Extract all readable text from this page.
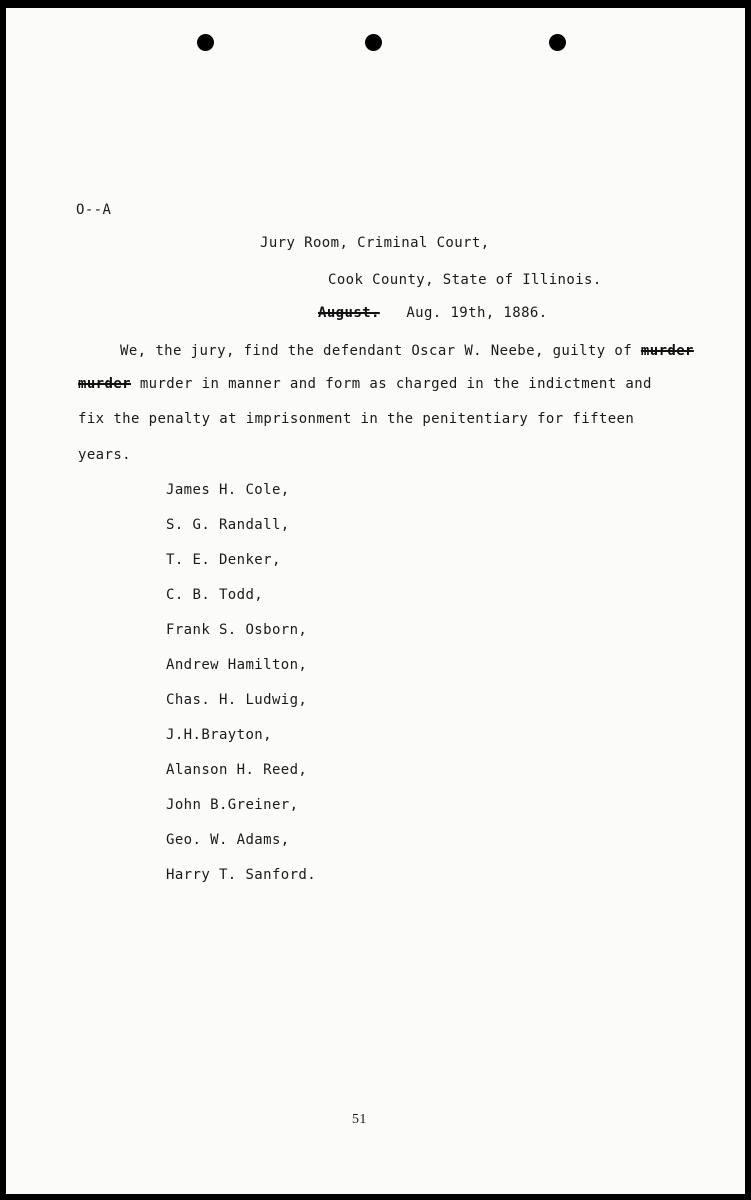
O--A
Jury Room, Criminal Court,
Cook County, State of Illinois.
August. Aug. 19th, 1886.
We, the jury, find the defendant Oscar W. Neebe, guilty of murder
murder murder in manner and form as charged in the indictment and
fix the penalty at imprisonment in the penitentiary for fifteen
years.
James H. Cole,
S. G. Randall,
T. E. Denker,
C. B. Todd,
Frank S. Osborn,
Andrew Hamilton,
Chas. H. Ludwig,
J.H.Brayton,
Alanson H. Reed,
John B.Greiner,
Geo. W. Adams,
Harry T. Sanford.
51
